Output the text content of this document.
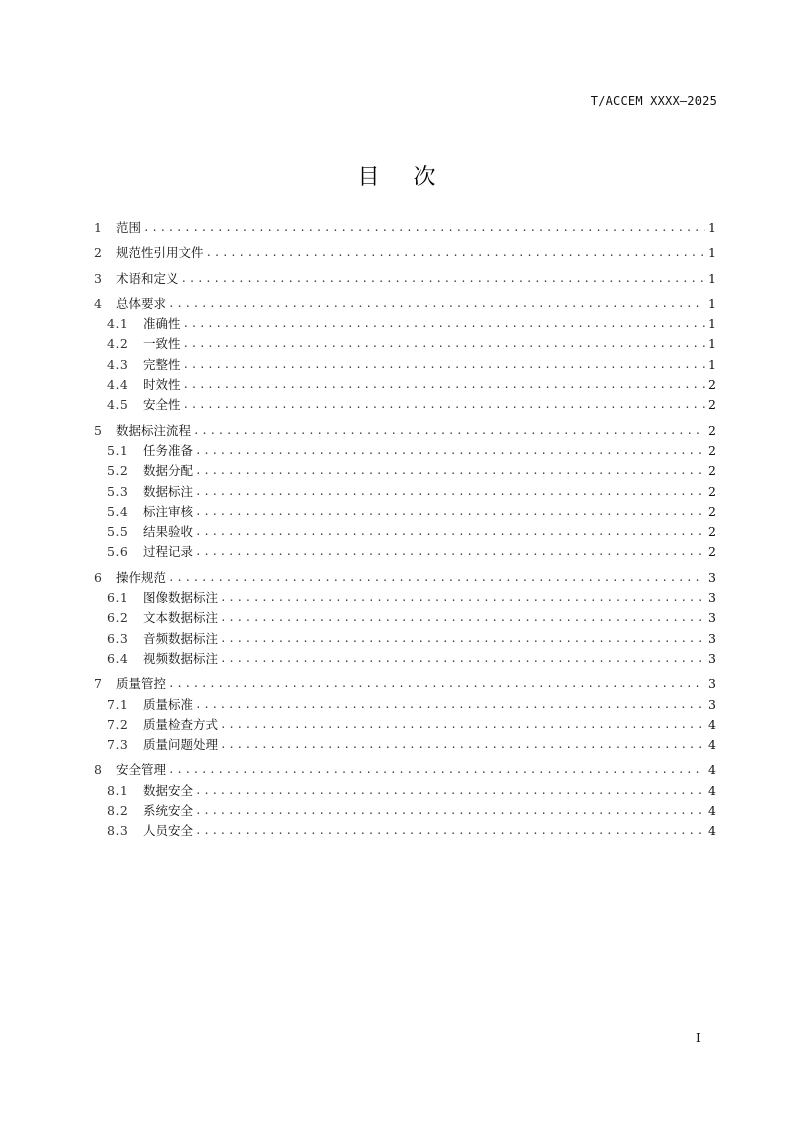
T/ACCEM XXXX—2025
目 次
1	范围 .....	1
2	规范性引用文件 .....	1
3	术语和定义 .....	1
4	总体要求 .....	1
4.1	准确性 .....	1
4.2	一致性 .....	1
4.3	完整性 .....	1
4.4	时效性 .....	2
4.5	安全性 .....	2
5	数据标注流程 .....	2
5.1	任务准备 .....	2
5.2	数据分配 .....	2
5.3	数据标注 .....	2
5.4	标注审核 .....	2
5.5	结果验收 .....	2
5.6	过程记录 .....	2
6	操作规范 .....	3
6.1	图像数据标注 .....	3
6.2	文本数据标注 .....	3
6.3	音频数据标注 .....	3
6.4	视频数据标注 .....	3
7	质量管控 .....	3
7.1	质量标准 .....	3
7.2	质量检查方式 .....	4
7.3	质量问题处理 .....	4
8	安全管理 .....	4
8.1	数据安全 .....	4
8.2	系统安全 .....	4
8.3	人员安全 .....	4
I
